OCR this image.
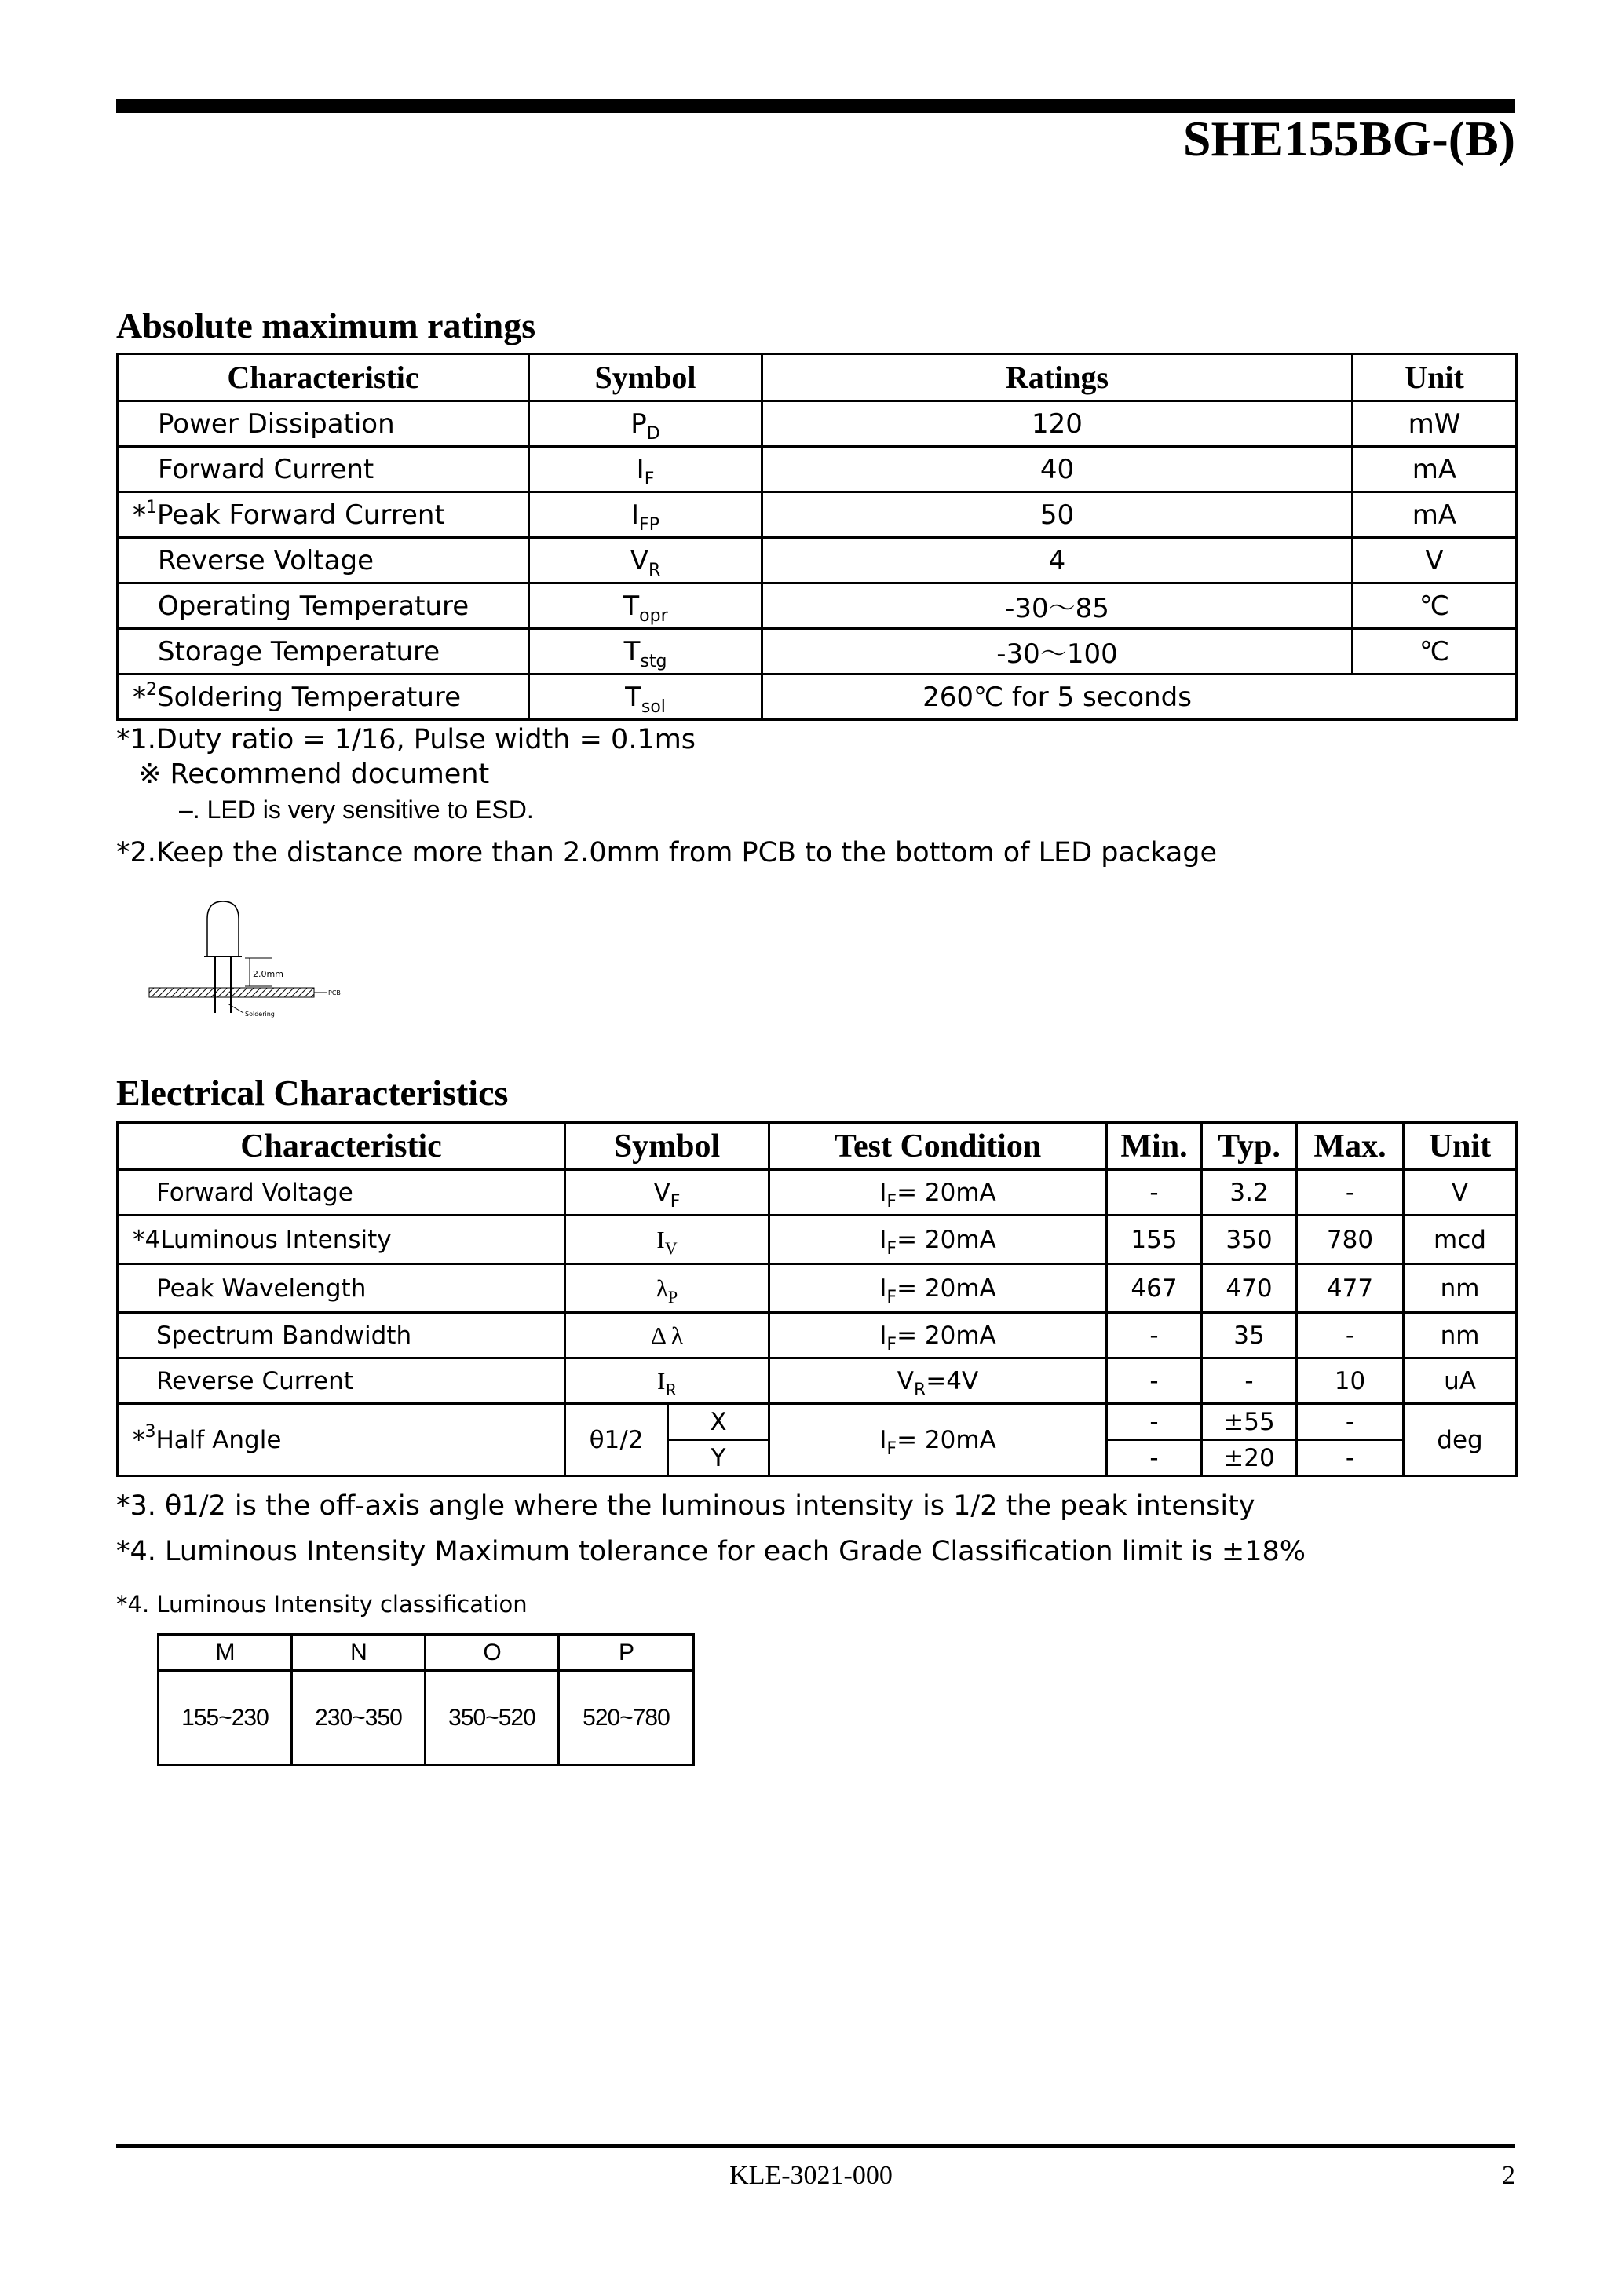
SHE155BG-(B)
Absolute maximum ratings
Characteristic	Symbol	Ratings	Unit
Power Dissipation	$P_D$	120	mW
Forward Current	$I_F$	40	mA
*$^1$Peak Forward Current	$I_{FP}$	50	mA
Reverse Voltage	$V_R$	4	V
Operating Temperature	$T_{opr}$	-30～85	℃
Storage Temperature	$T_{stg}$	-30～100	℃
*$^2$Soldering Temperature	$T_{sol}$	260℃ for 5 seconds	
*1.Duty ratio = 1/16, Pulse width = 0.1ms
※ Recommend document
–. LED is very sensitive to ESD.
*2.Keep the distance more than 2.0mm from PCB to the bottom of LED package
2.0mm
PCB
Soldering
Electrical Characteristics
Characteristic	Symbol		Test Condition	Min.	Typ.	Max.	Unit
Forward Voltage	$V_F$		$I_F= 20mA$	-	3.2	-	V
*4Luminous Intensity	$I_V$		$I_F= 20mA$	155	350	780	mcd
Peak Wavelength	$\lambda_P$		$I_F= 20mA$	467	470	477	nm
Spectrum Bandwidth	Δ λ		$I_F= 20mA$	-	35	-	nm
Reverse Current	$I_R$		$V_R=4V$	-	-	10	uA
*$^3$Half Angle	θ1/2	X	$I_F= 20mA$	-	±55	-	deg
		Y		-	±20	-	
*3. θ1/2 is the off-axis angle where the luminous intensity is 1/2 the peak intensity
*4. Luminous Intensity Maximum tolerance for each Grade Classification limit is ±18%
*4. Luminous Intensity classification
M	N	O	P
155~230	230~350	350~520	520~780
KLE-3021-000	2
